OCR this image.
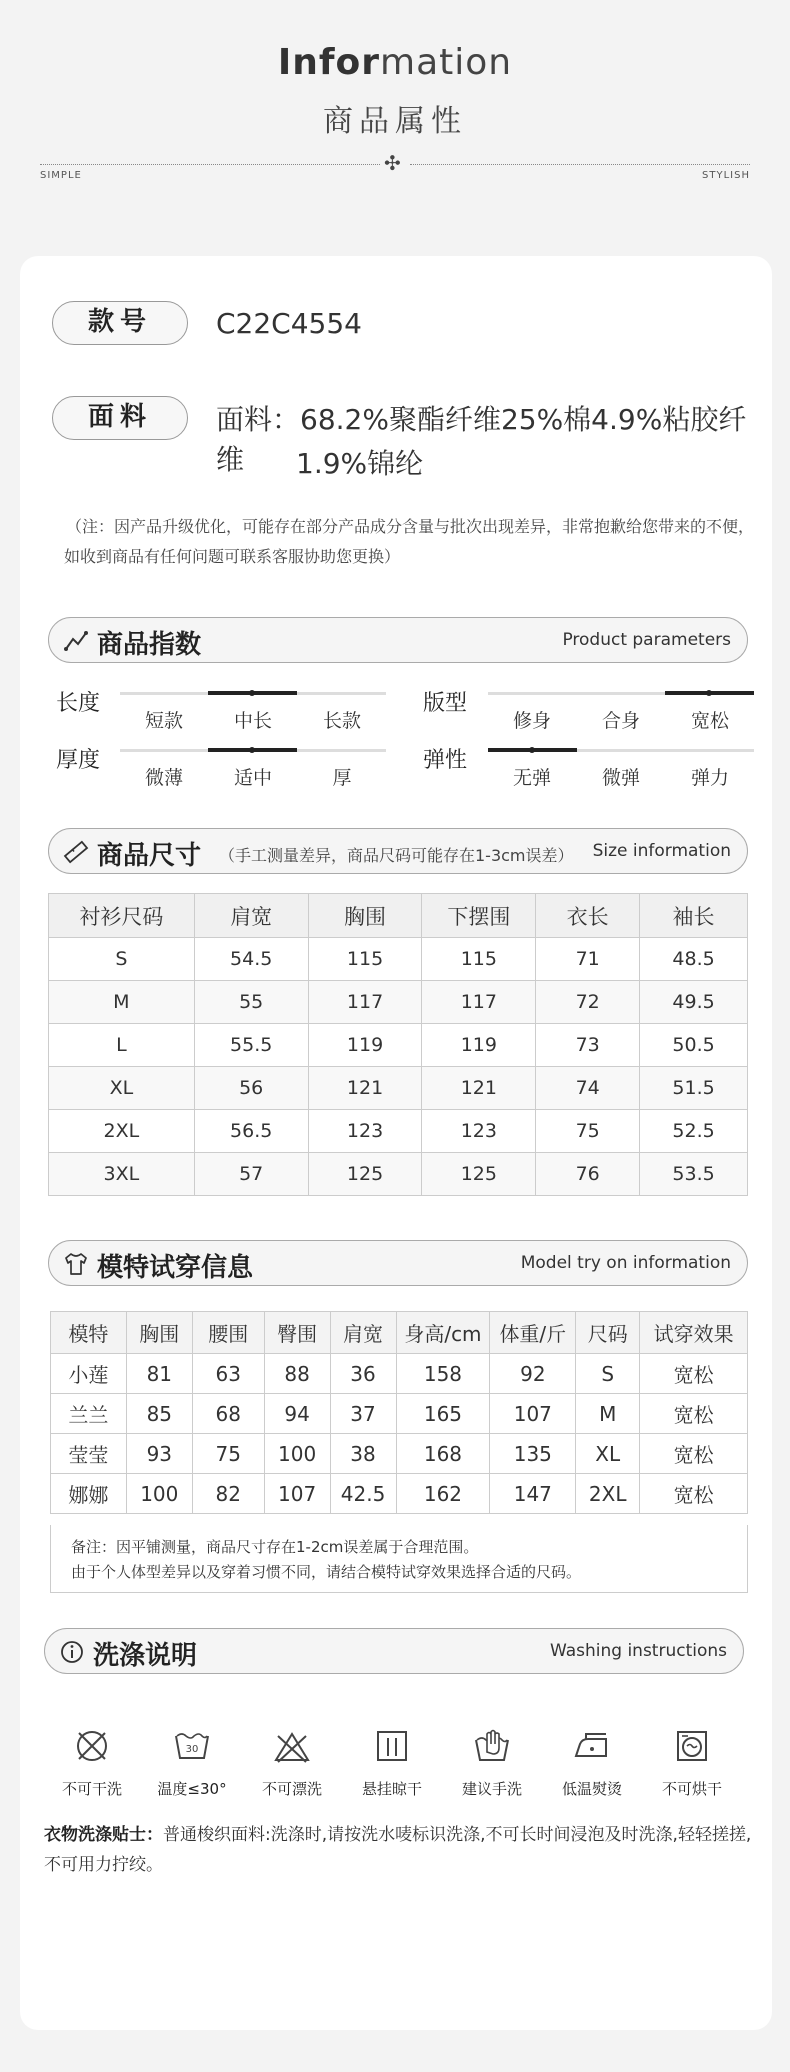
Information
商品属性
✣
SIMPLE	STYLISH
款号	C22C4554
面料	面料：68.2%聚酯纤维25%棉4.9%粘胶纤维	1.9%锦纶
（注：因产品升级优化，可能存在部分产品成分含量与批次出现差异，非常抱歉给您带来的不便，
如收到商品有任何问题可联系客服协助您更换）
商品指数	Product parameters
长度
短款	中长	长款
版型
修身	合身	宽松
厚度
微薄	适中	厚
弹性
无弹	微弹	弹力
商品尺寸 （手工测量差异，商品尺码可能存在1-3cm误差） Size information
衬衫尺码	肩宽	胸围	下摆围	衣长	袖长
S	54.5	115	115	71	48.5
M	55	117	117	72	49.5
L	55.5	119	119	73	50.5
XL	56	121	121	74	51.5
2XL	56.5	123	123	75	52.5
3XL	57	125	125	76	53.5
模特试穿信息	Model try on information
模特	胸围	腰围	臀围	肩宽	身高/cm	体重/斤	尺码	试穿效果
小莲	81	63	88	36	158	92	S	宽松
兰兰	85	68	94	37	165	107	M	宽松
莹莹	93	75	100	38	168	135	XL	宽松
娜娜	100	82	107	42.5	162	147	2XL	宽松
备注：因平铺测量，商品尺寸存在1-2cm误差属于合理范围。
由于个人体型差异以及穿着习惯不同，请结合模特试穿效果选择合适的尺码。
洗涤说明	Washing instructions
不可干洗
30
温度≤30°	不可漂洗	悬挂晾干	建议手洗	低温熨烫	不可烘干
衣物洗涤贴士：普通梭织面料:洗涤时,请按洗水唛标识洗涤,不可长时间浸泡及时洗涤,轻轻搓搓,不可用力拧绞。
